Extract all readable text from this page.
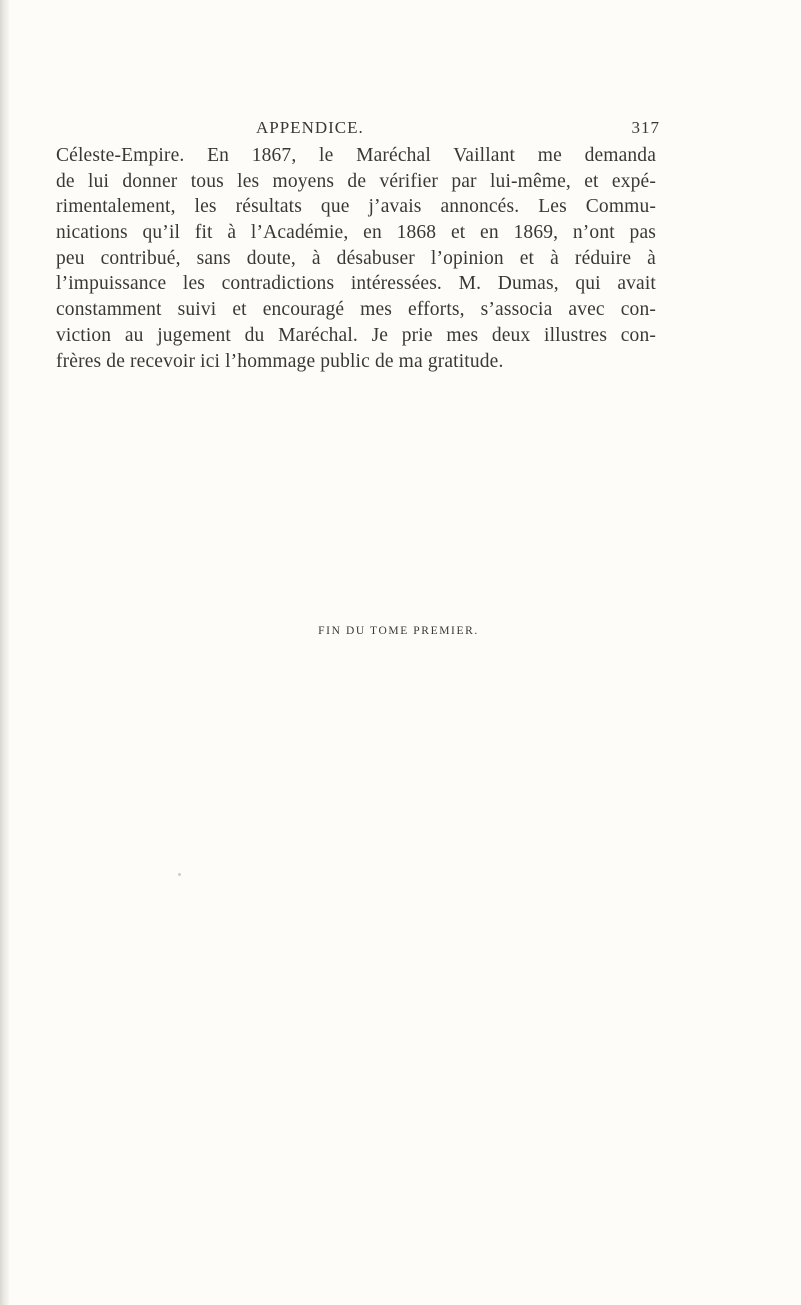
APPENDICE.	317
Céleste-Empire. En 1867, le Maréchal Vaillant me demanda
de lui donner tous les moyens de vérifier par lui-même, et expé-
rimentalement, les résultats que j’avais annoncés. Les Commu-
nications qu’il fit à l’Académie, en 1868 et en 1869, n’ont pas
peu contribué, sans doute, à désabuser l’opinion et à réduire à
l’impuissance les contradictions intéressées. M. Dumas, qui avait
constamment suivi et encouragé mes efforts, s’associa avec con-
viction au jugement du Maréchal. Je prie mes deux illustres con-
frères de recevoir ici l’hommage public de ma gratitude.
FIN DU TOME PREMIER.
